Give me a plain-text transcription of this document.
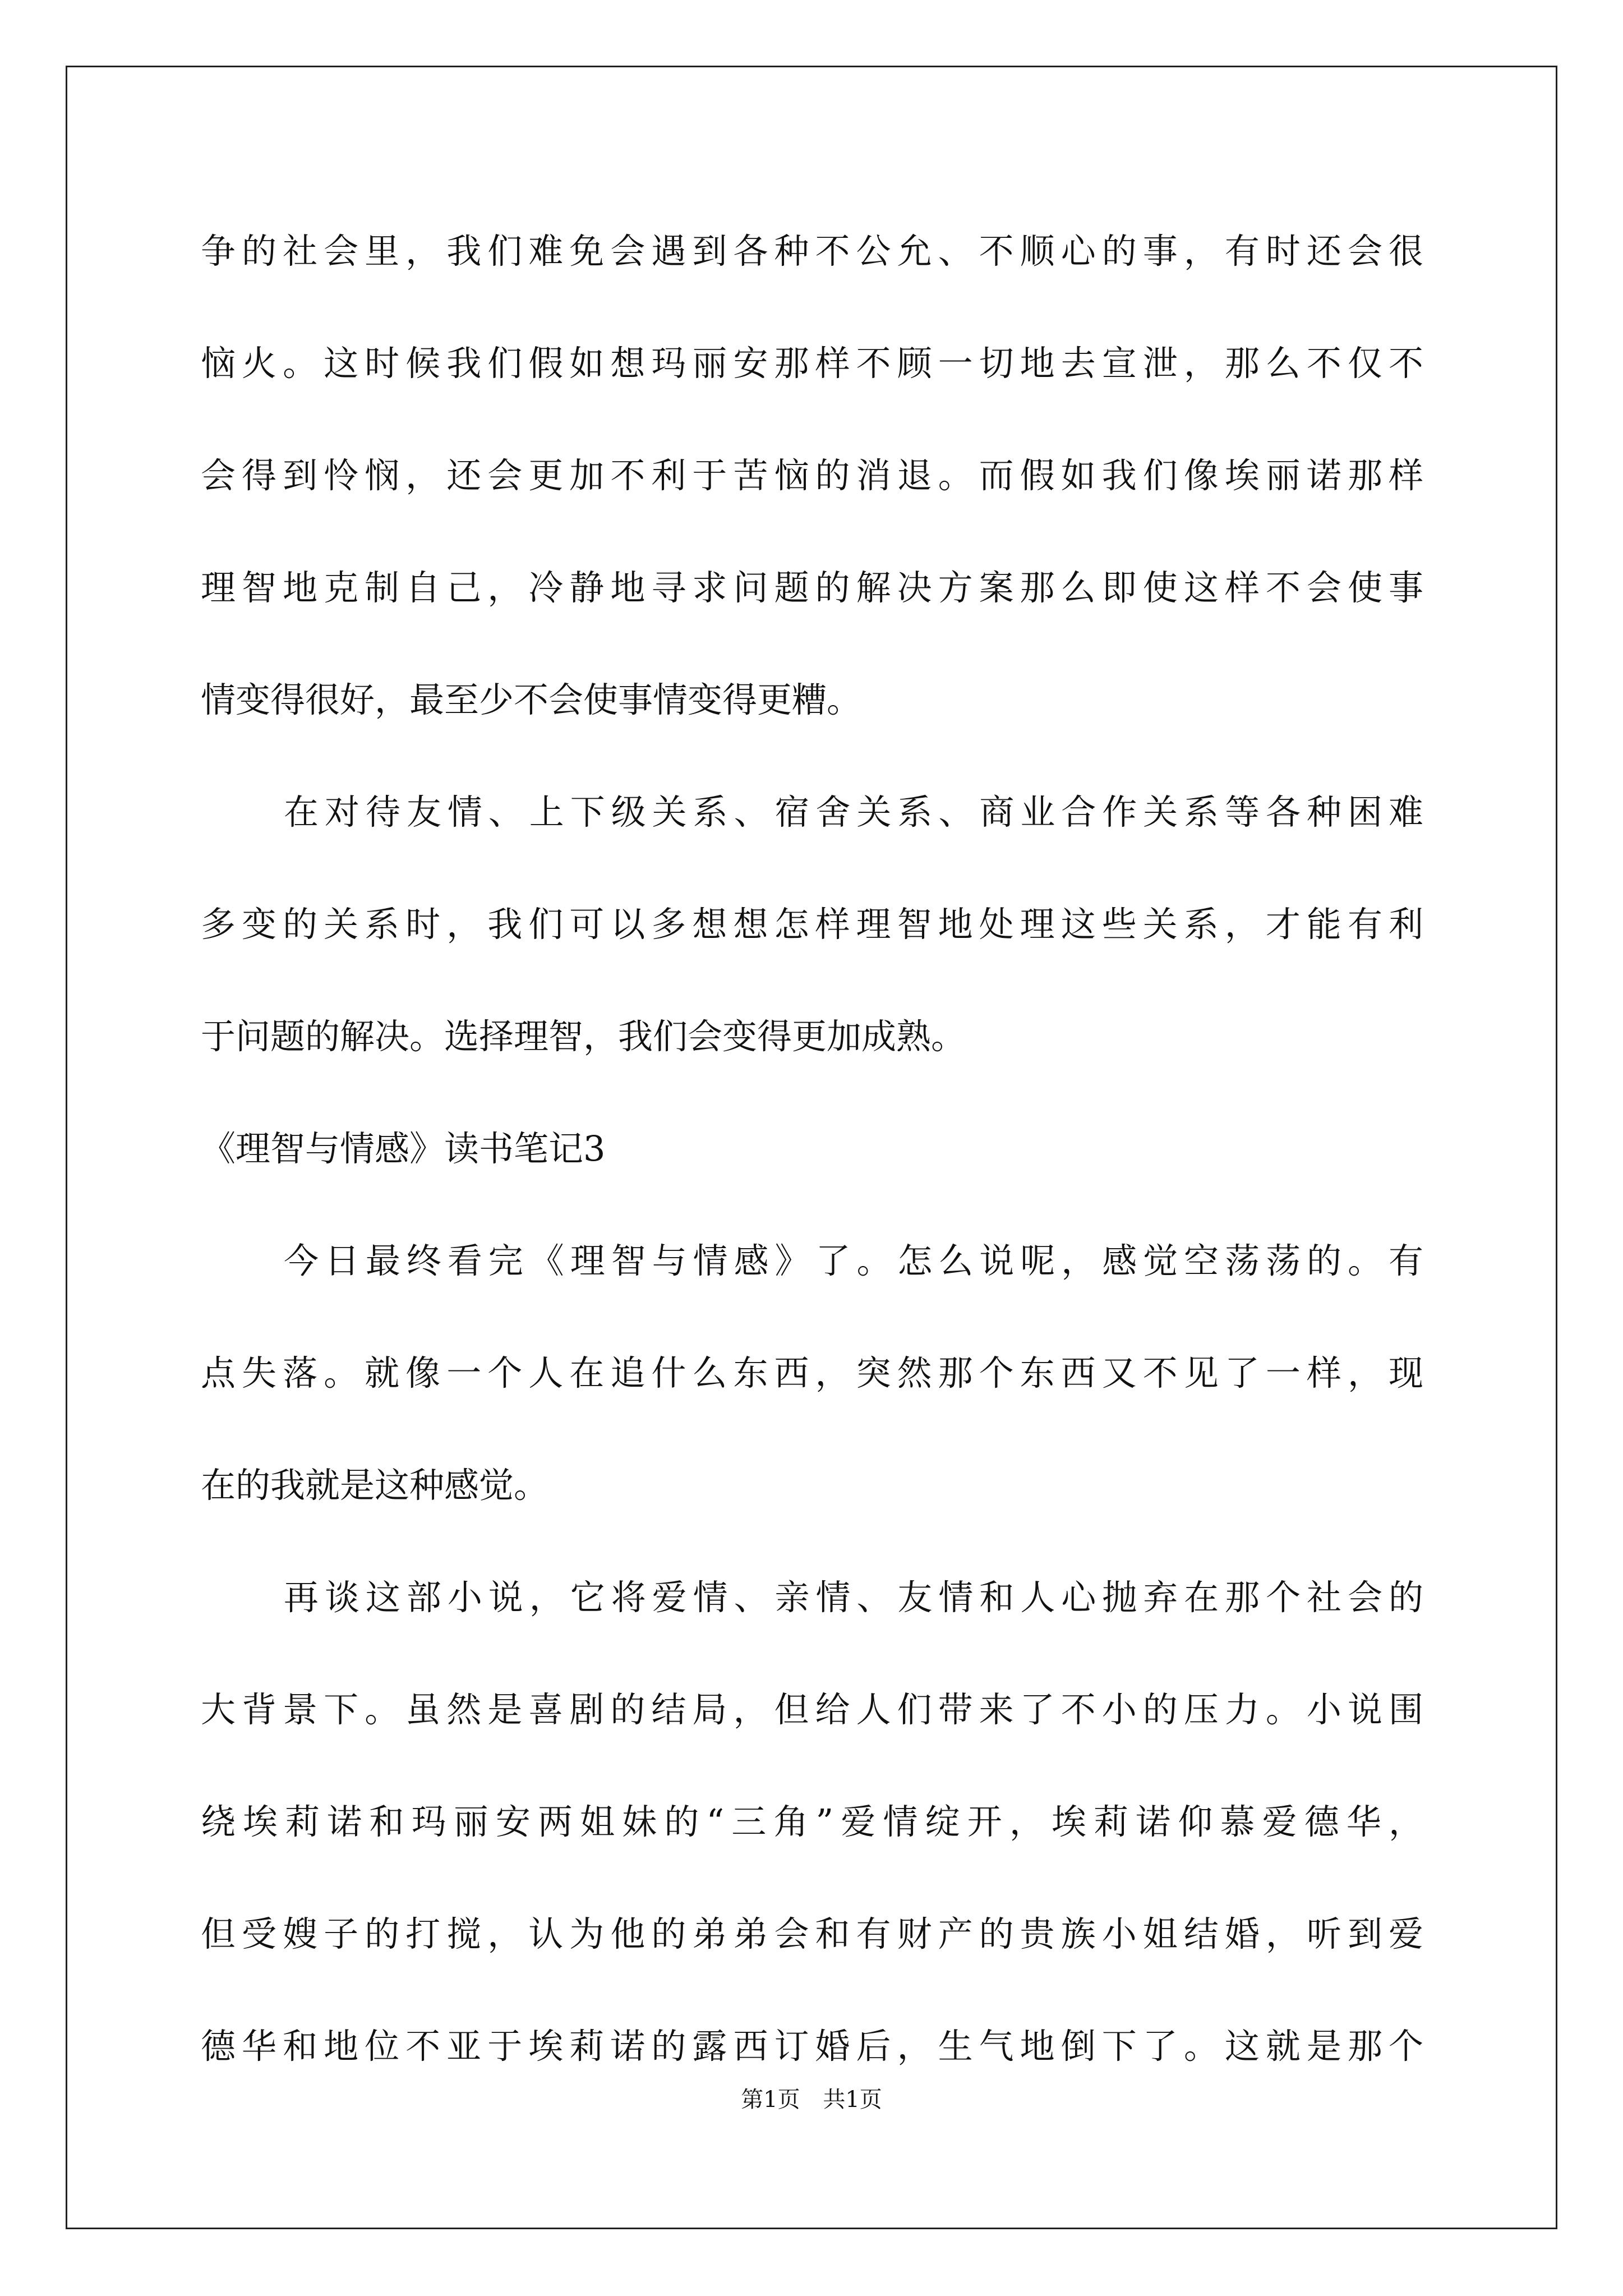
争的社会里，我们难免会遇到各种不公允、不顺心的事，有时还会很
恼火。这时候我们假如想玛丽安那样不顾一切地去宣泄，那么不仅不
会得到怜悯，还会更加不利于苦恼的消退。而假如我们像埃丽诺那样
理智地克制自己，冷静地寻求问题的解决方案那么即使这样不会使事
情变得很好，最至少不会使事情变得更糟。
在对待友情、上下级关系、宿舍关系、商业合作关系等各种困难
多变的关系时，我们可以多想想怎样理智地处理这些关系，才能有利
于问题的解决。选择理智，我们会变得更加成熟。
《理智与情感》读书笔记3
今日最终看完《理智与情感》了。怎么说呢，感觉空荡荡的。有
点失落。就像一个人在追什么东西，突然那个东西又不见了一样，现
在的我就是这种感觉。
再谈这部小说，它将爱情、亲情、友情和人心抛弃在那个社会的
大背景下。虽然是喜剧的结局，但给人们带来了不小的压力。小说围
绕埃莉诺和玛丽安两姐妹的“三角”爱情绽开，埃莉诺仰慕爱德华，
但受嫂子的打搅，认为他的弟弟会和有财产的贵族小姐结婚，听到爱
德华和地位不亚于埃莉诺的露西订婚后，生气地倒下了。这就是那个
第1页 共1页
